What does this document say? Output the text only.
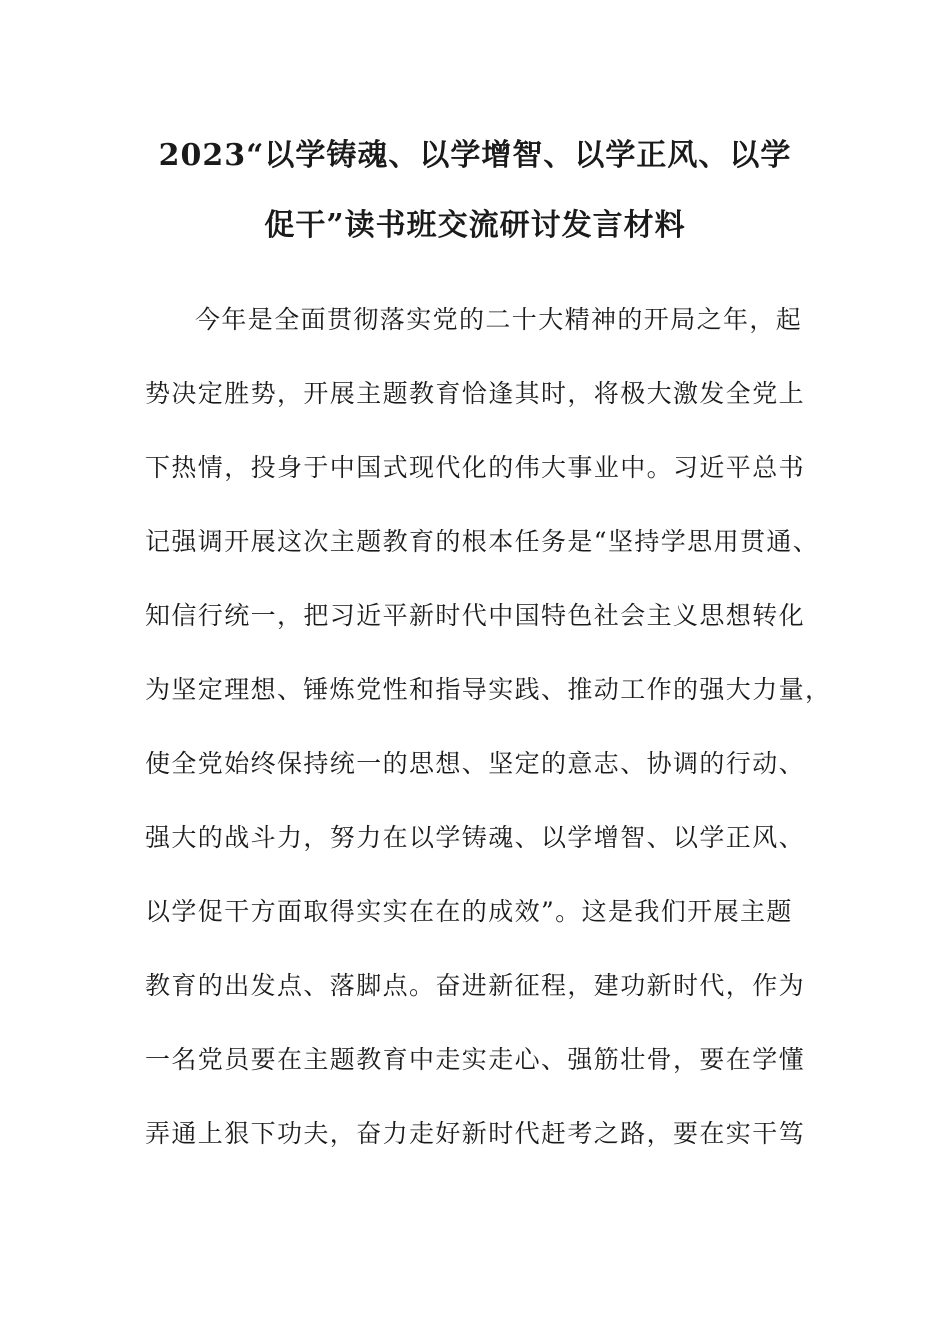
2023“以学铸魂、以学增智、以学正风、以学
促干”读书班交流研讨发言材料
今年是全面贯彻落实党的二十大精神的开局之年，起
势决定胜势，开展主题教育恰逢其时，将极大激发全党上
下热情，投身于中国式现代化的伟大事业中。习近平总书
记强调开展这次主题教育的根本任务是“坚持学思用贯通、
知信行统一，把习近平新时代中国特色社会主义思想转化
为坚定理想、锤炼党性和指导实践、推动工作的强大力量，
使全党始终保持统一的思想、坚定的意志、协调的行动、
强大的战斗力，努力在以学铸魂、以学增智、以学正风、
以学促干方面取得实实在在的成效”。这是我们开展主题
教育的出发点、落脚点。奋进新征程，建功新时代，作为
一名党员要在主题教育中走实走心、强筋壮骨，要在学懂
弄通上狠下功夫，奋力走好新时代赶考之路，要在实干笃
